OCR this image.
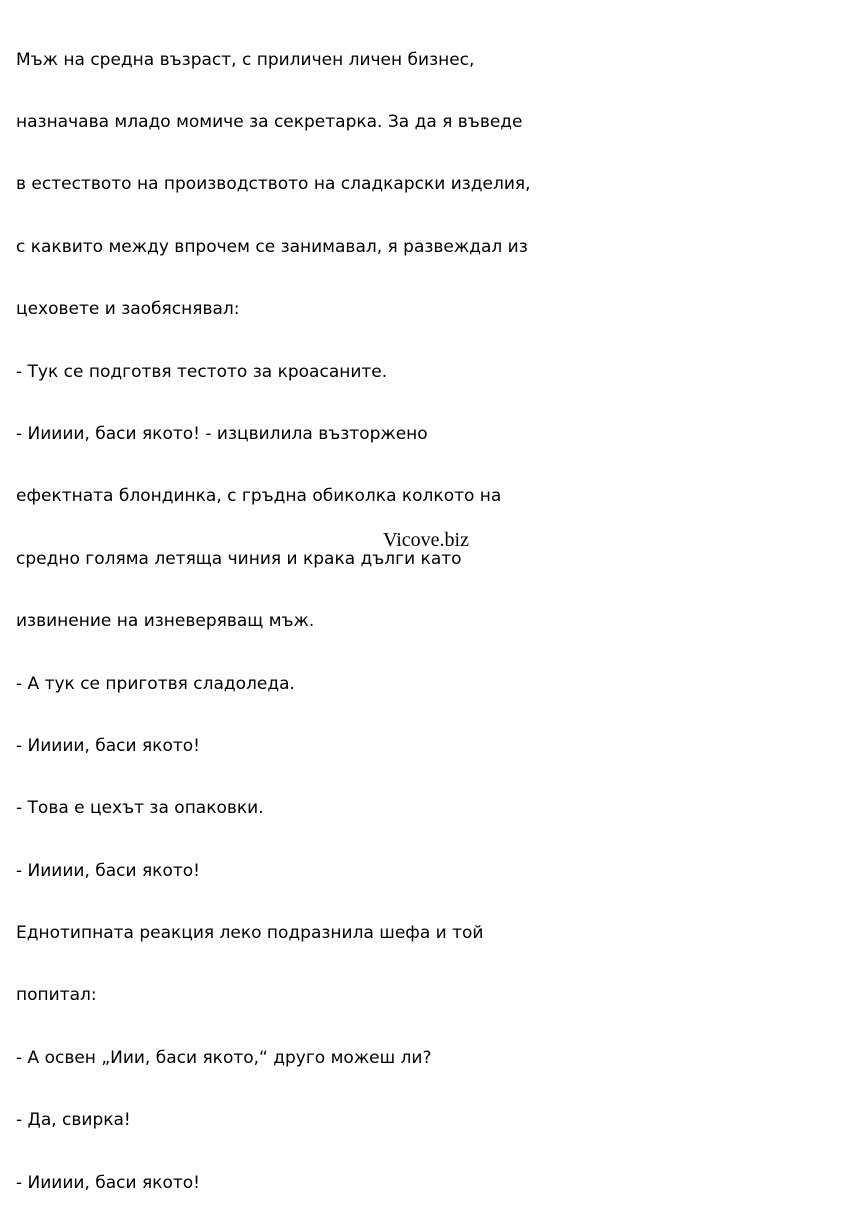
Мъж на средна възраст, с приличен личен бизнес,

назначава младо момиче за секретарка. За да я въведе

в естеството на производството на сладкарски изделия,

с каквито между впрочем се занимавал, я развеждал из

цеховете и заобяснявал:

- Тук се подготвя тестото за кроасаните.

- Иииии, баси якото! - изцвилила възторжено

ефектната блондинка, с гръдна обиколка колкото на

средно голяма летяща чиния и крака дълги като

извинение на изневеряващ мъж.

- А тук се приготвя сладоледа.

- Иииии, баси якото!

- Това е цехът за опаковки.

- Иииии, баси якото!

Еднотипната реакция леко подразнила шефа и той

попитал:

- А освен „Иии, баси якото,“ друго можеш ли?

- Да, свирка!

- Иииии, баси якото!

Vicove.biz
